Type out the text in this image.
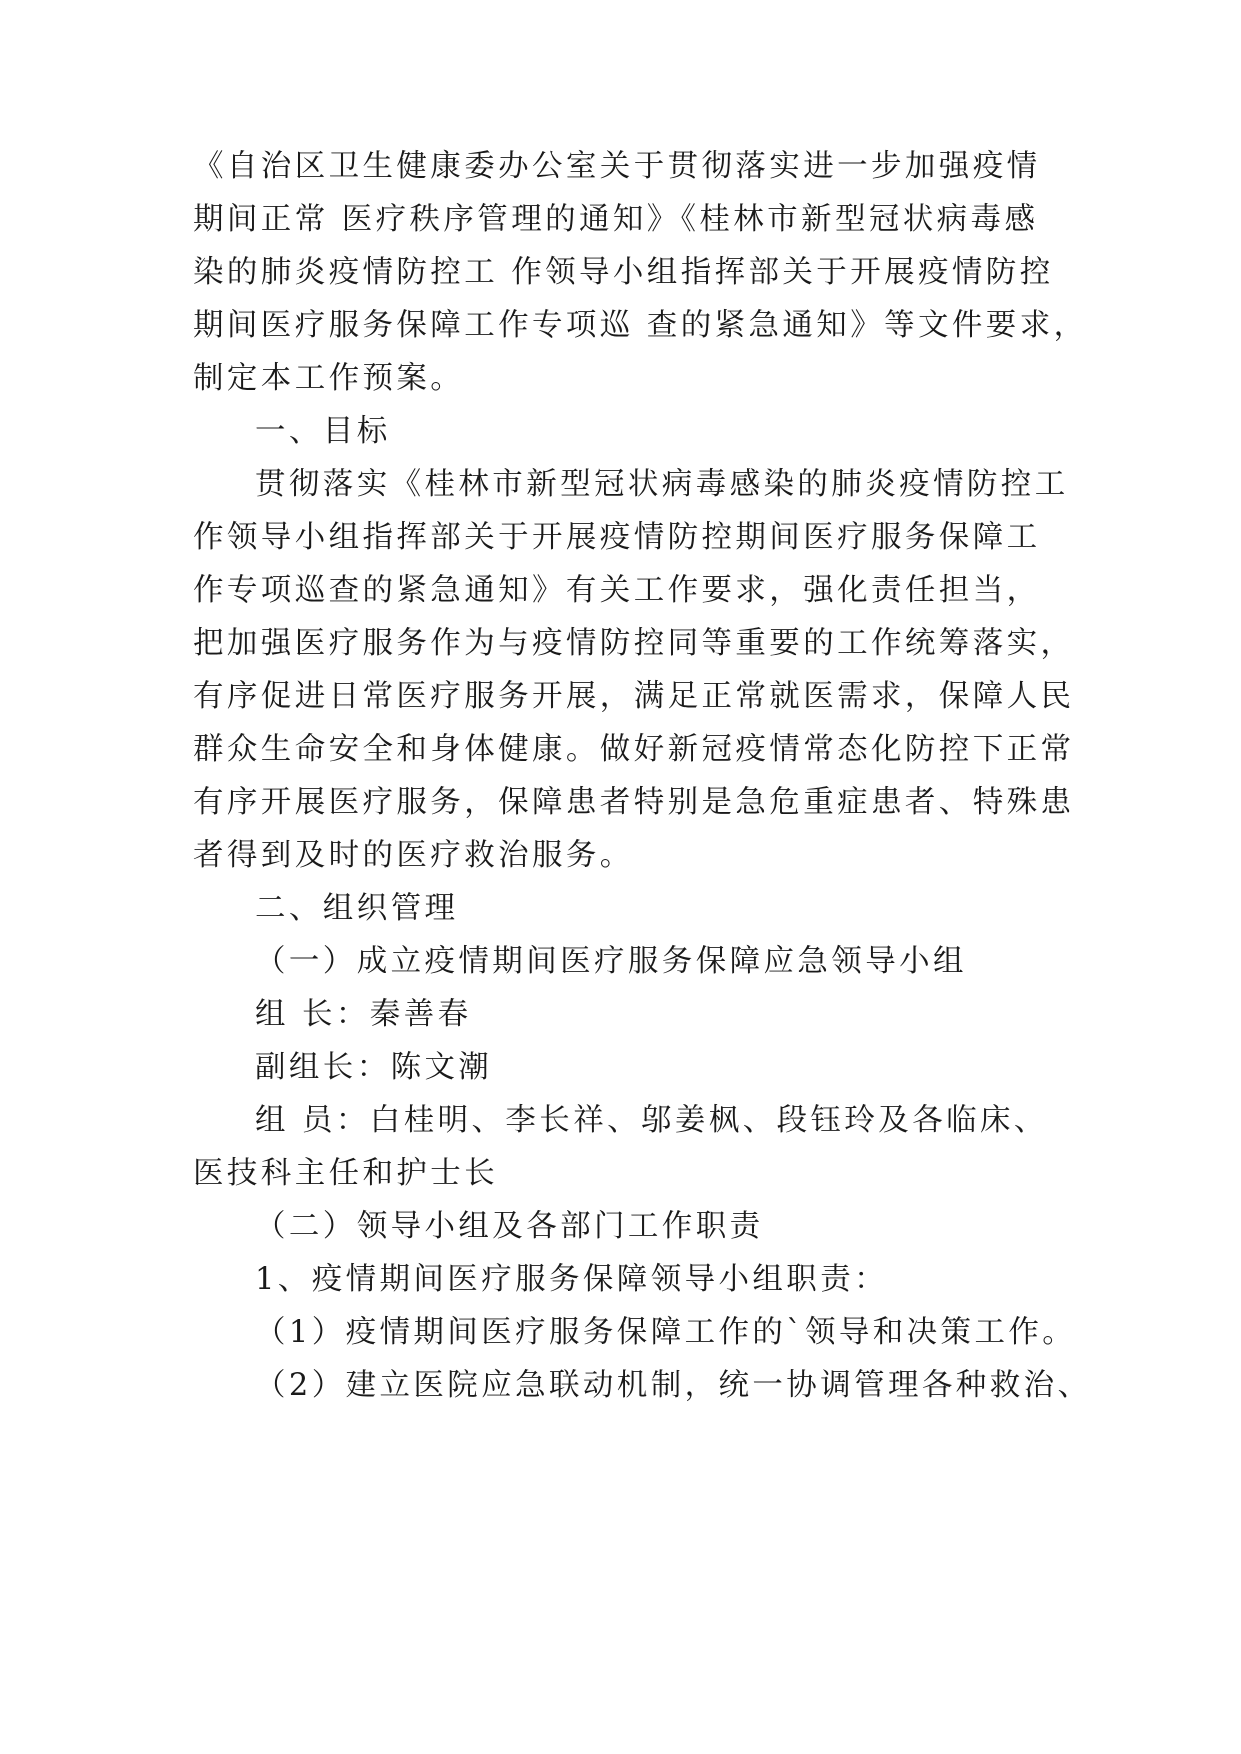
《自治区卫生健康委办公室关于贯彻落实进一步加强疫情

期间正常 医疗秩序管理的通知》《桂林市新型冠状病毒感

染的肺炎疫情防控工 作领导小组指挥部关于开展疫情防控

期间医疗服务保障工作专项巡 查的紧急通知》等文件要求，

制定本工作预案。

一、目标

贯彻落实《桂林市新型冠状病毒感染的肺炎疫情防控工

作领导小组指挥部关于开展疫情防控期间医疗服务保障工

作专项巡查的紧急通知》有关工作要求，强化责任担当，

把加强医疗服务作为与疫情防控同等重要的工作统筹落实，

有序促进日常医疗服务开展，满足正常就医需求，保障人民

群众生命安全和身体健康。做好新冠疫情常态化防控下正常

有序开展医疗服务，保障患者特别是急危重症患者、特殊患

者得到及时的医疗救治服务。

二、组织管理

（一）成立疫情期间医疗服务保障应急领导小组

组 长：秦善春

副组长：陈文潮

组 员：白桂明、李长祥、邬姜枫、段钰玲及各临床、

医技科主任和护士长

（二）领导小组及各部门工作职责

1、疫情期间医疗服务保障领导小组职责：

（1）疫情期间医疗服务保障工作的`领导和决策工作。

（2）建立医院应急联动机制，统一协调管理各种救治、
